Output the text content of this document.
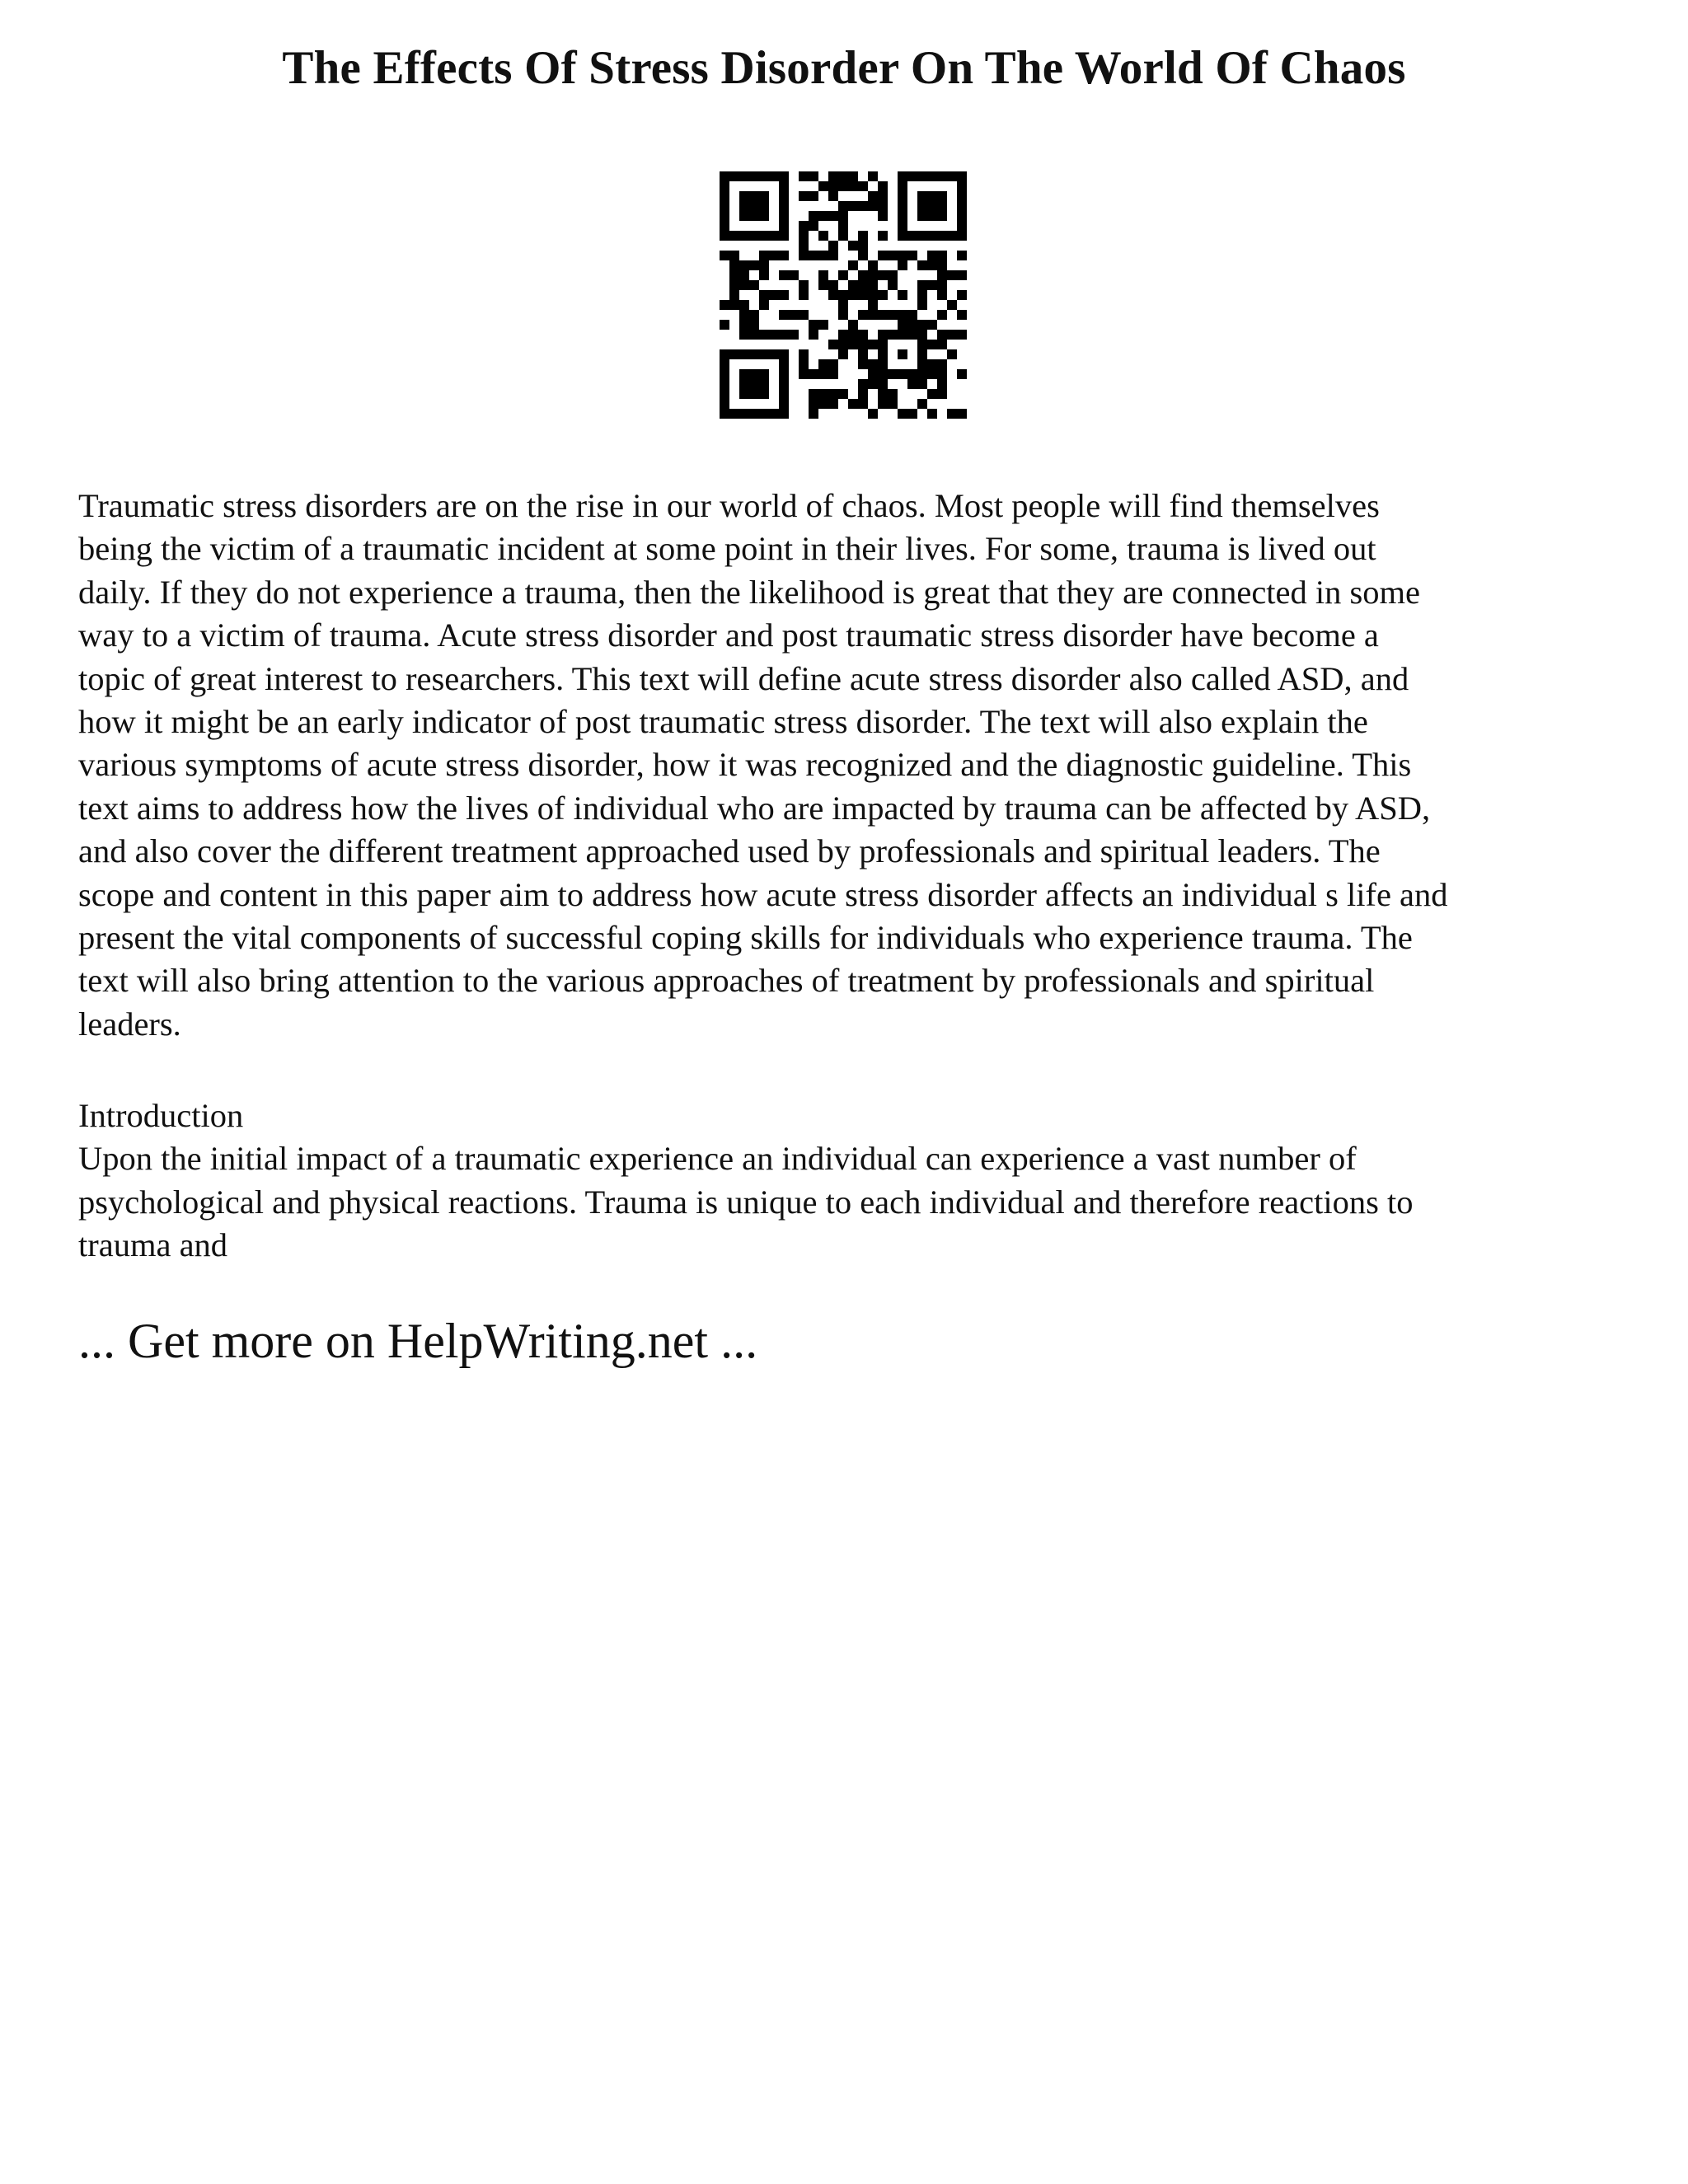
The Effects Of Stress Disorder On The World Of Chaos

Traumatic stress disorders are on the rise in our world of chaos. Most people will find themselves
being the victim of a traumatic incident at some point in their lives. For some, trauma is lived out
daily. If they do not experience a trauma, then the likelihood is great that they are connected in some
way to a victim of trauma. Acute stress disorder and post traumatic stress disorder have become a
topic of great interest to researchers. This text will define acute stress disorder also called ASD, and
how it might be an early indicator of post traumatic stress disorder. The text will also explain the
various symptoms of acute stress disorder, how it was recognized and the diagnostic guideline. This
text aims to address how the lives of individual who are impacted by trauma can be affected by ASD,
and also cover the different treatment approached used by professionals and spiritual leaders. The
scope and content in this paper aim to address how acute stress disorder affects an individual s life and
present the vital components of successful coping skills for individuals who experience trauma. The
text will also bring attention to the various approaches of treatment by professionals and spiritual
leaders.

Introduction
Upon the initial impact of a traumatic experience an individual can experience a vast number of
psychological and physical reactions. Trauma is unique to each individual and therefore reactions to
trauma and

... Get more on HelpWriting.net ...
